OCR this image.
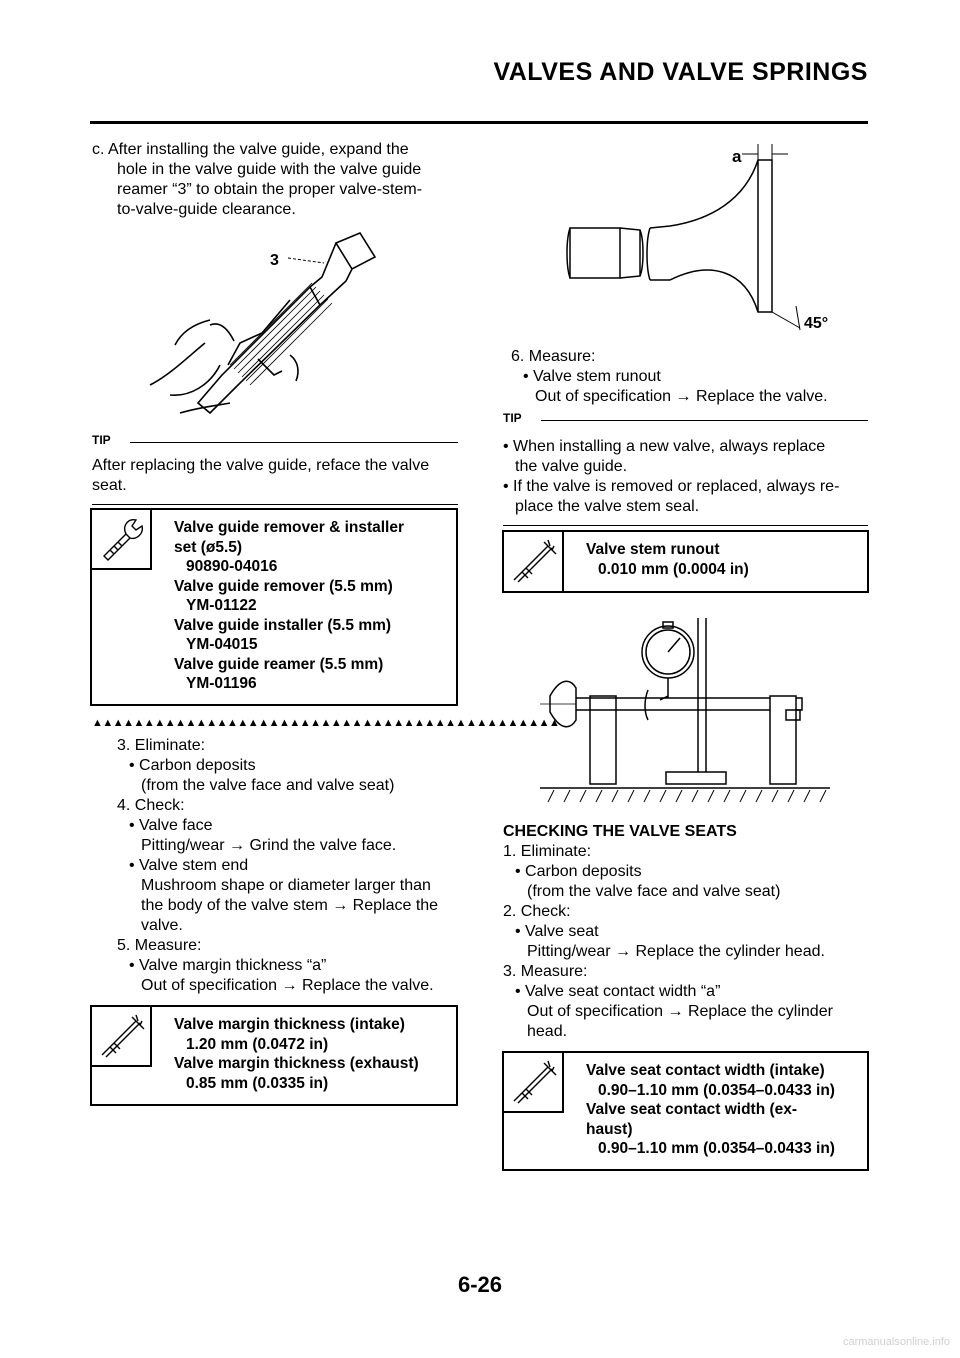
VALVES AND VALVE SPRINGS
c. After installing the valve guide, expand the
hole in the valve guide with the valve guide
reamer “3” to obtain the proper valve-stem-
to-valve-guide clearance.
3
TIP
After replacing the valve guide, reface the valve
seat.
Valve guide remover & installer
set (ø5.5)
90890-04016
Valve guide remover (5.5 mm)
YM-01122
Valve guide installer (5.5 mm)
YM-04015
Valve guide reamer (5.5 mm)
YM-01196
▲▲▲▲▲▲▲▲▲▲▲▲▲▲▲▲▲▲▲▲▲▲▲▲▲▲▲▲▲▲▲▲▲▲▲▲▲▲▲▲▲▲▲▲▲
3. Eliminate:
• Carbon deposits
(from the valve face and valve seat)
4. Check:
• Valve face
Pitting/wear → Grind the valve face.
• Valve stem end
Mushroom shape or diameter larger than
the body of the valve stem → Replace the
valve.
5. Measure:
• Valve margin thickness “a”
Out of specification → Replace the valve.
Valve margin thickness (intake)
1.20 mm (0.0472 in)
Valve margin thickness (exhaust)
0.85 mm (0.0335 in)
a
45°
6. Measure:
• Valve stem runout
Out of specification → Replace the valve.
TIP
• When installing a new valve, always replace
the valve guide.
• If the valve is removed or replaced, always re-
place the valve stem seal.
Valve stem runout
0.010 mm (0.0004 in)
CHECKING THE VALVE SEATS
1. Eliminate:
• Carbon deposits
(from the valve face and valve seat)
2. Check:
• Valve seat
Pitting/wear → Replace the cylinder head.
3. Measure:
• Valve seat contact width “a”
Out of specification → Replace the cylinder
head.
Valve seat contact width (intake)
0.90–1.10 mm (0.0354–0.0433 in)
Valve seat contact width (ex-
haust)
0.90–1.10 mm (0.0354–0.0433 in)
6-26
carmanualsonline.info
